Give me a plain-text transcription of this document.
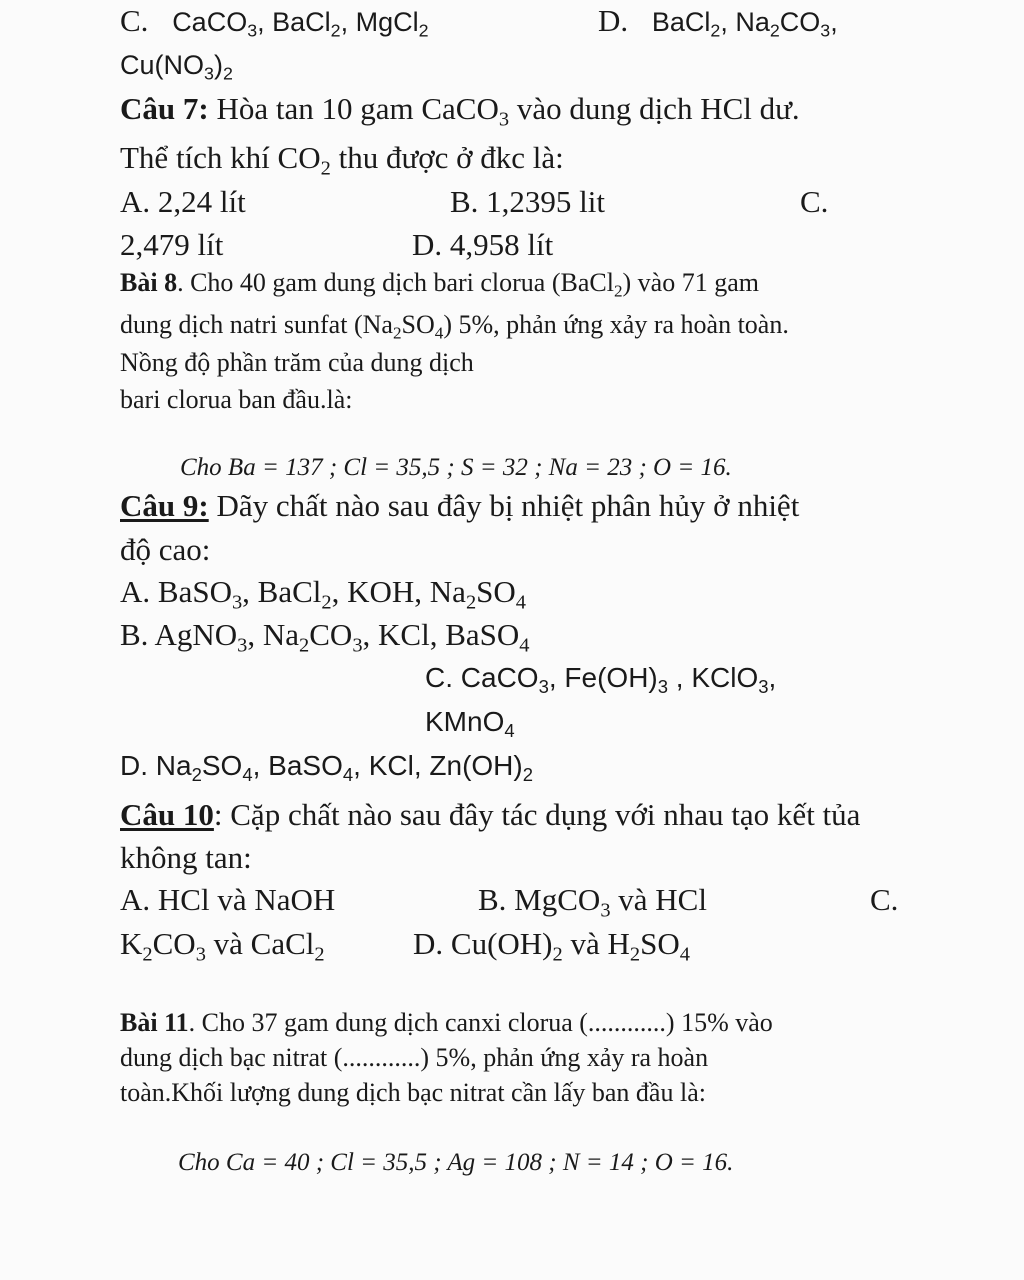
C. CaCO$_3$, BaCl$_2$, MgCl$_2$	D. BaCl$_2$, $Na_2CO_3$,
$Cu(NO_3)_2$
Câu 7: Hòa tan 10 gam CaCO$_3$ vào dung dịch HCl dư.
Thể tích khí $CO_2$ thu được ở đkc là:
A. 2,24 lít	B. 1,2395 lit	C.
2,479 lít	D. 4,958 lít
Bài 8. Cho 40 gam dung dịch bari clorua (BaCl$_2$) vào 71 gam
dung dịch natri sunfat $(Na_2SO_4)$ 5%, phản ứng xảy ra hoàn toàn.
Nồng độ phần trăm của dung dịch
bari clorua ban đầu.là:
Cho Ba = 137 ; Cl = 35,5 ; S = 32 ; Na = 23 ; O = 16.
Câu 9: Dãy chất nào sau đây bị nhiệt phân hủy ở nhiệt
độ cao:
A. BaSO$_3$, BaCl$_2$, KOH, $Na_2SO_4$
B. AgNO$_3$, $Na_2CO_3$, KCl, BaSO$_4$
C. CaCO$_3$, $Fe(OH)_3$ , KClO$_3$,
KMnO$_4$
D. $Na_2SO_4$, BaSO$_4$, KCl, $Zn(OH)_2$
Câu 10: Cặp chất nào sau đây tác dụng với nhau tạo kết tủa
không tan:
A. HCl và NaOH	B. MgCO$_3$ và HCl	C.
$K_2CO_3$ và CaCl$_2$	D. $Cu(OH)_2$ và $H_2SO_4$
Bài 11. Cho 37 gam dung dịch canxi clorua (............) 15% vào
dung dịch bạc nitrat (............) 5%, phản ứng xảy ra hoàn
toàn.Khối lượng dung dịch bạc nitrat cần lấy ban đầu là:
Cho Ca = 40 ; Cl = 35,5 ; Ag = 108 ; N = 14 ; O = 16.
